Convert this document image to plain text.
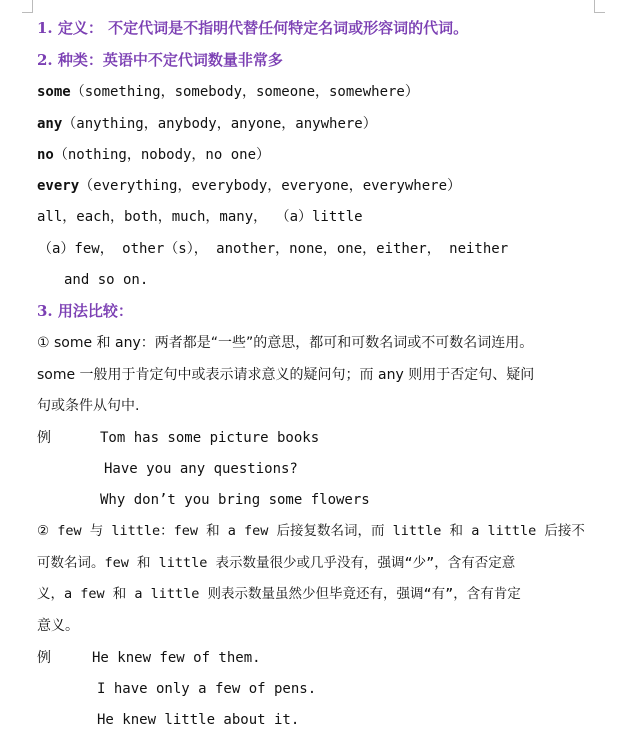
1. 定义： 不定代词是不指明代替任何特定名词或形容词的代词。
2. 种类：英语中不定代词数量非常多
some（something，somebody，someone，somewhere）
any（anything，anybody，anyone，anywhere）
no（nothing，nobody，no one）
every（everything，everybody，everyone，everywhere）
all，each，both，much，many， （a）little
（a）few， other（s）， another，none，one，either， neither
and so on.
3. 用法比较：
① some 和 any：两者都是“一些”的意思，都可和可数名词或不可数名词连用。
some 一般用于肯定句中或表示请求意义的疑问句；而 any 则用于否定句、疑问
句或条件从句中.
例	Tom has some picture books
Have you any questions?
Why don’t you bring some flowers
② few 与 little：few 和 a few 后接复数名词，而 little 和 a little 后接不
可数名词。few 和 little 表示数量很少或几乎没有，强调“少”，含有否定意
义，a few 和 a little 则表示数量虽然少但毕竟还有，强调“有”，含有肯定
意义。
例	He knew few of them.
I have only a few of pens.
He knew little about it.
